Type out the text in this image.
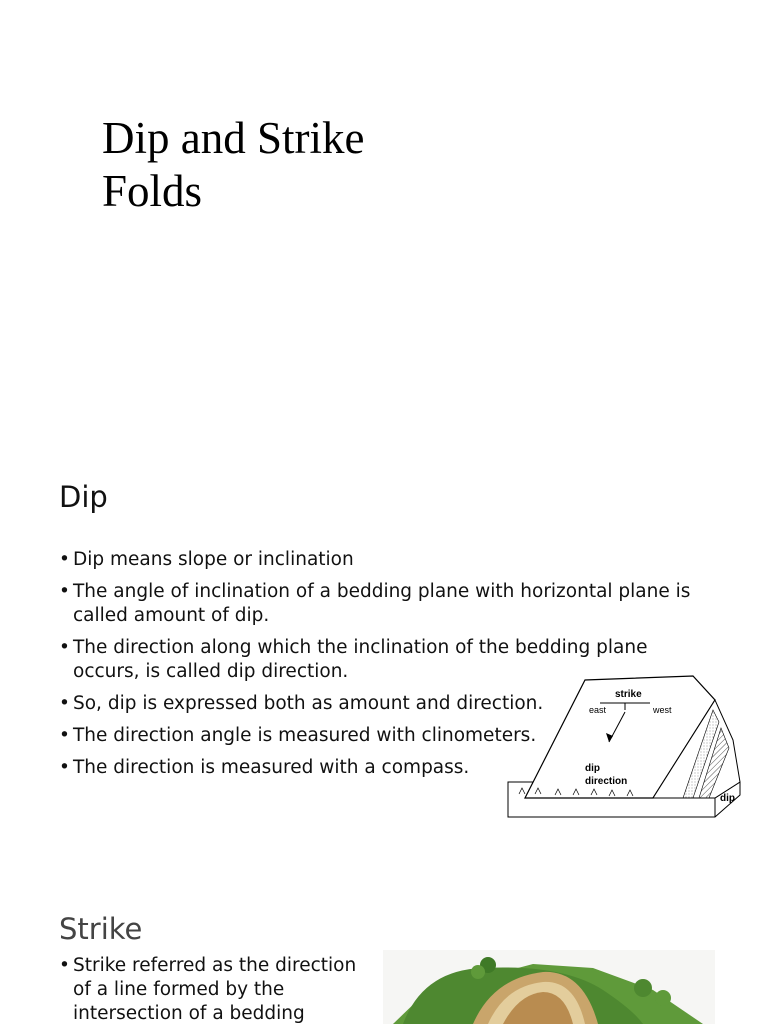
Dip and Strike
Folds
Dip
• Dip means slope or inclination
• The angle of inclination of a bedding plane with horizontal plane is called amount of dip.
• The direction along which the inclination of the bedding plane occurs, is called dip direction.
• So, dip is expressed both as amount and direction.
• The direction angle is measured with clinometers.
• The direction is measured with a compass.
strike
east	west
dip
direction
dip
Strike
• Strike referred as the direction of a line formed by the intersection of a bedding
